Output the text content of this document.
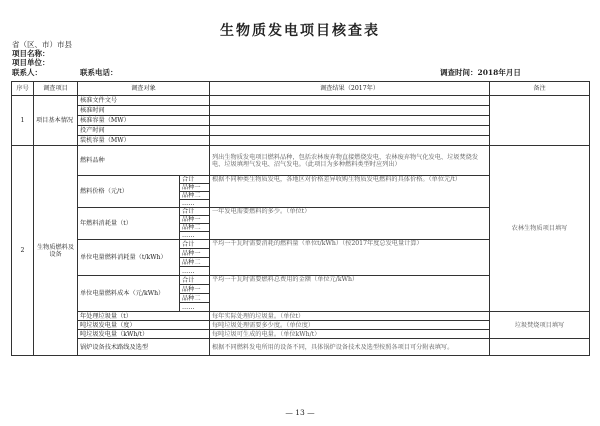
生物质发电项目核查表
省（区、市）市县
项目名称：
项目单位：
联系人：	联系电话：	调查时间：2018年月日
序号	调查项目	调查对象		调查结果（2017年）	备注
1	项目基本情况	核准文件文号			
		核准时间			
		核准容量（MW）			
		投产时间			
		装机容量（MW）			
2	生物质燃料及设备	燃料品种		列出生物质发电项目燃料品种，包括农林废弃物直接燃烧发电、农林废弃物气化发电、垃圾焚烧发电、垃圾填埋气发电、沼气发电。（此项目为多种燃料类型时应列出）	农林生物质项目填写
		燃料价格（元/t）	合计	根据不同种类生物质发电，各地区对价格差异收购生物质发电燃料的具体价格。（单位元/t）	
			品种一		
			品种二		
			……		
		年燃料消耗量（t）	合计	一年发电需要燃料的多少。（单位t）	
			品种一		
			品种二		
			……		
		单位电量燃料消耗量（t/kWh）	合计	平均一千瓦时需要消耗的燃料量（单位t/kWh）（按2017年度总发电量计算）	
			品种一		
			品种二		
			……		
		单位电量燃料成本（元/kWh）	合计	平均一千瓦时需要燃料总费用的金额（单位元/kWh）	
			品种一		
			品种二		
			……		
		年处理垃圾量（t）		每年实际处理的垃圾量。（单位t）	垃圾焚烧项目填写
		吨垃圾发电量（度）		每吨垃圾处理需要多少度。（单位度）	
		吨垃圾发电量（kWh/t）		每吨垃圾可生成的电量。（单位kWh/t）	
		锅炉设备技术路线及选型		根据不同燃料发电所用的设备不同，具体锅炉设备技术及选型按照各项目可分附表填写。	
— 13 —
